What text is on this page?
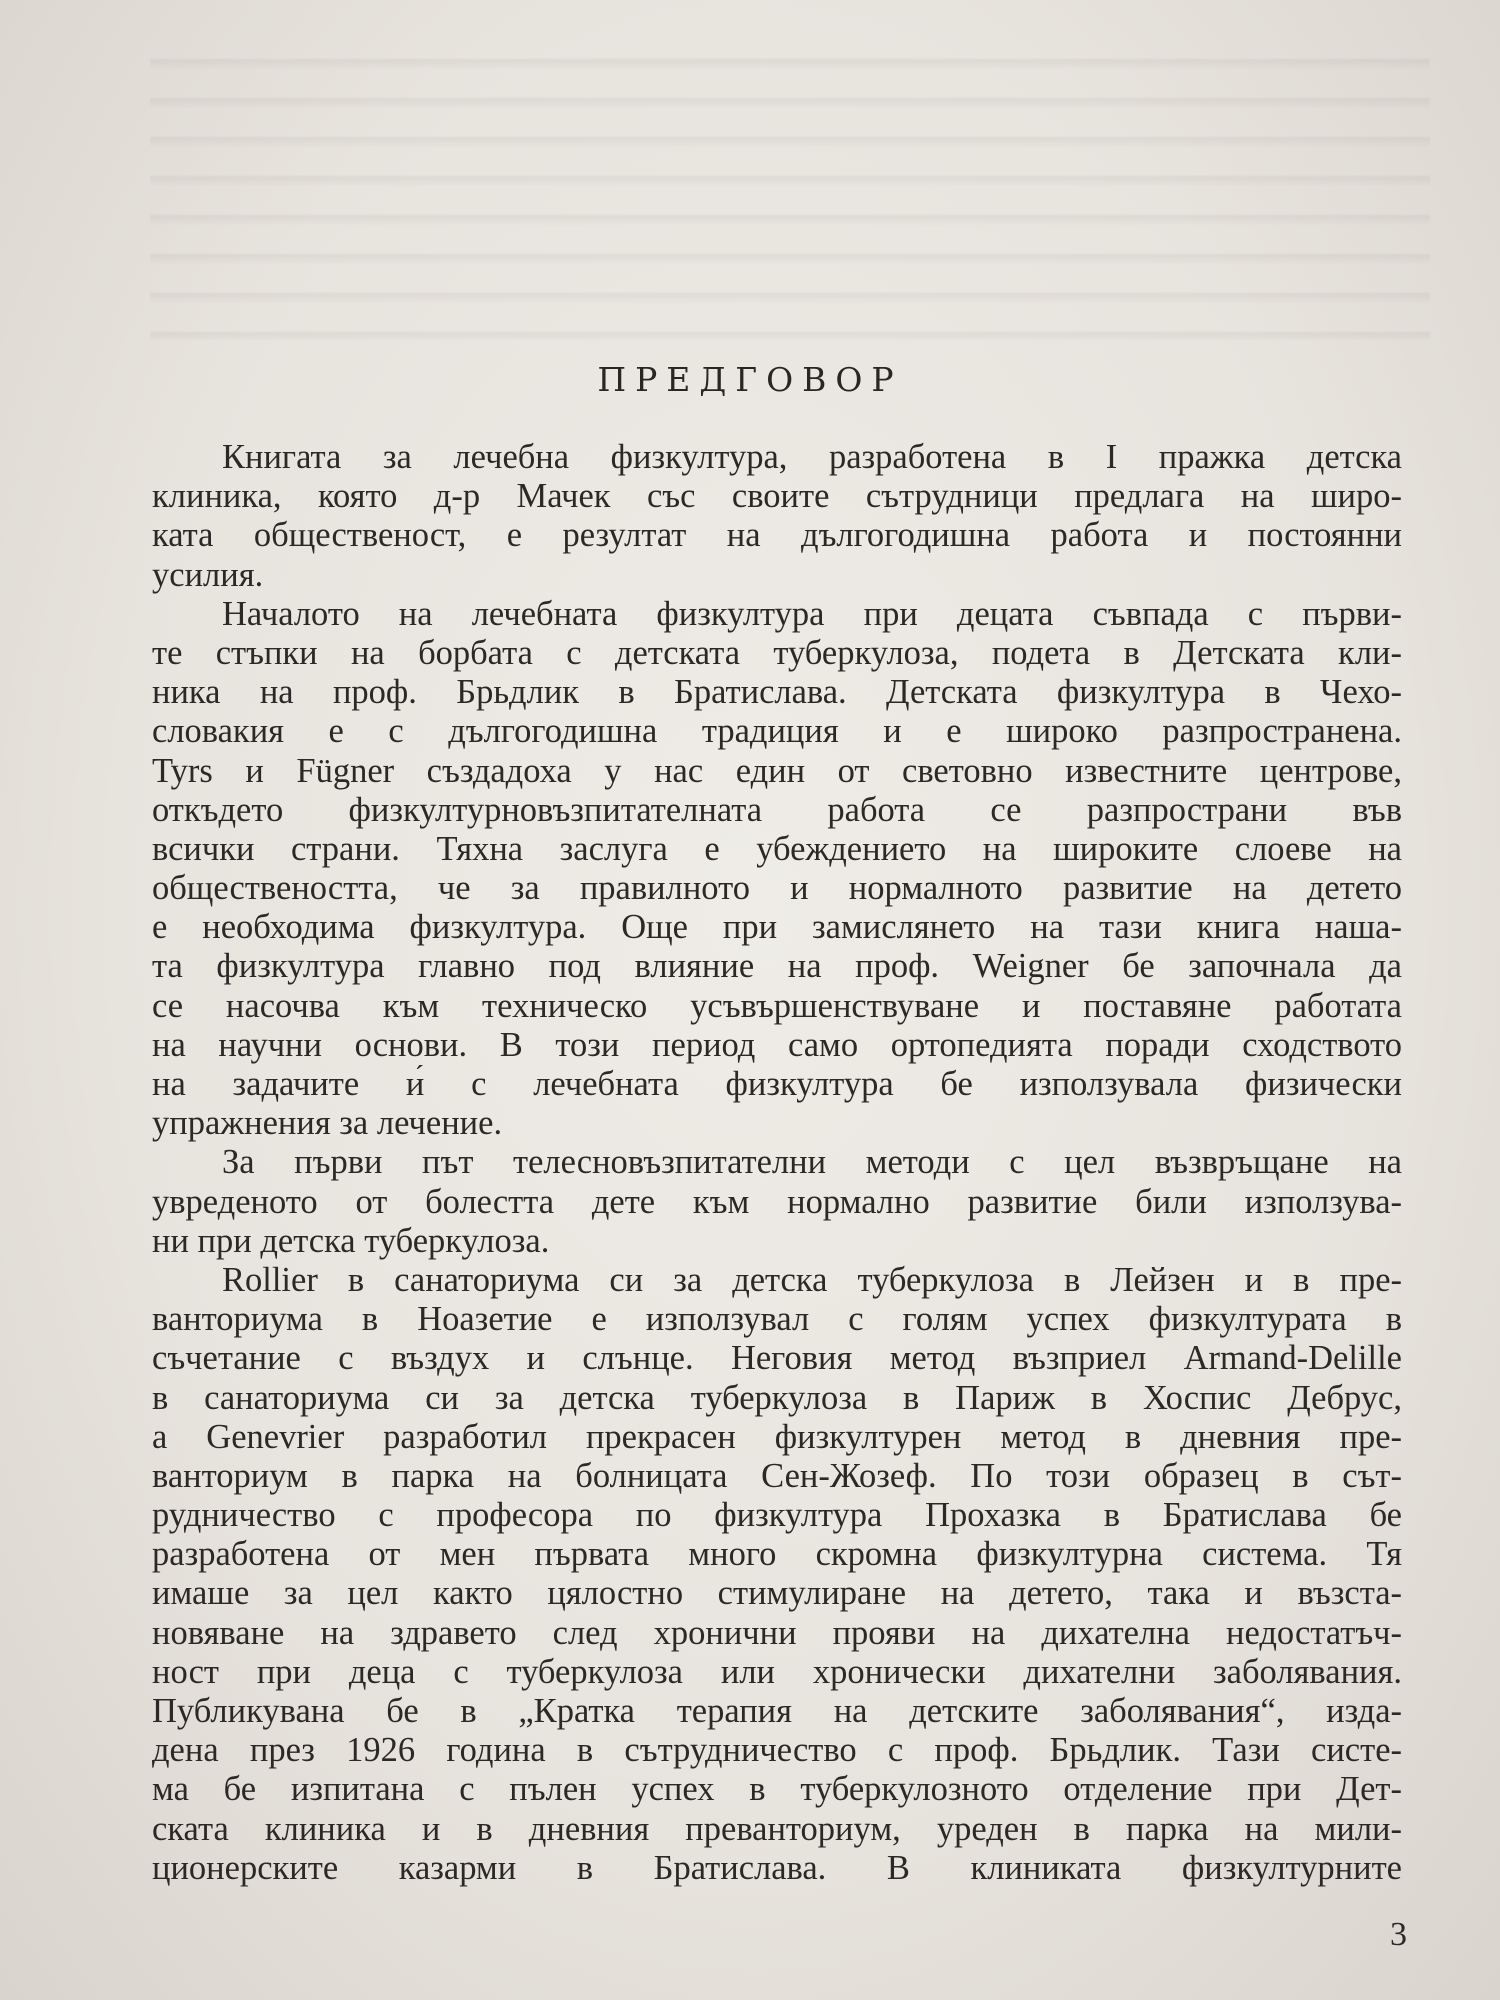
ПРЕДГОВОР
Книгата за лечебна физкултура, разработена в I пражка детска
клиника, която д-р Мачек със своите сътрудници предлага на широ-
ката общественост, е резултат на дългогодишна работа и постоянни
усилия.
Началото на лечебната физкултура при децата съвпада с първи-
те стъпки на борбата с детската туберкулоза, подета в Детската кли-
ника на проф. Брьдлик в Братислава. Детската физкултура в Чехо-
словакия е с дългогодишна традиция и е широко разпространена.
Tyrs и Fügner създадоха у нас един от световно известните центрове,
откъдето физкултурновъзпитателната работа се разпространи във
всички страни. Тяхна заслуга е убеждението на широките слоеве на
обществеността, че за правилното и нормалното развитие на детето
е необходима физкултура. Още при замислянето на тази книга наша-
та физкултура главно под влияние на проф. Weigner бе започнала да
се насочва към техническо усъвършенствуване и поставяне работата
на научни основи. В този период само ортопедията поради сходството
на задачите и́ с лечебната физкултура бе използувала физически
упражнения за лечение.
За първи път телесновъзпитателни методи с цел възвръщане на
увреденото от болестта дете към нормално развитие били използува-
ни при детска туберкулоза.
Rollier в санаториума си за детска туберкулоза в Лейзен и в пре-
ванториума в Ноазетие е използувал с голям успех физкултурата в
съчетание с въздух и слънце. Неговия метод възприел Armand-Delille
в санаториума си за детска туберкулоза в Париж в Хоспис Дебрус,
a Genevrier разработил прекрасен физкултурен метод в дневния пре-
ванториум в парка на болницата Сен-Жозеф. По този образец в сът-
рудничество с професора по физкултура Прохазка в Братислава бе
разработена от мен първата много скромна физкултурна система. Тя
имаше за цел както цялостно стимулиране на детето, така и възста-
новяване на здравето след хронични прояви на дихателна недостатъч-
ност при деца с туберкулоза или хронически дихателни заболявания.
Публикувана бе в „Кратка терапия на детските заболявания“, изда-
дена през 1926 година в сътрудничество с проф. Брьдлик. Тази систе-
ма бе изпитана с пълен успех в туберкулозното отделение при Дет-
ската клиника и в дневния преванториум, уреден в парка на мили-
ционерските казарми в Братислава. В клиниката физкултурните
3
